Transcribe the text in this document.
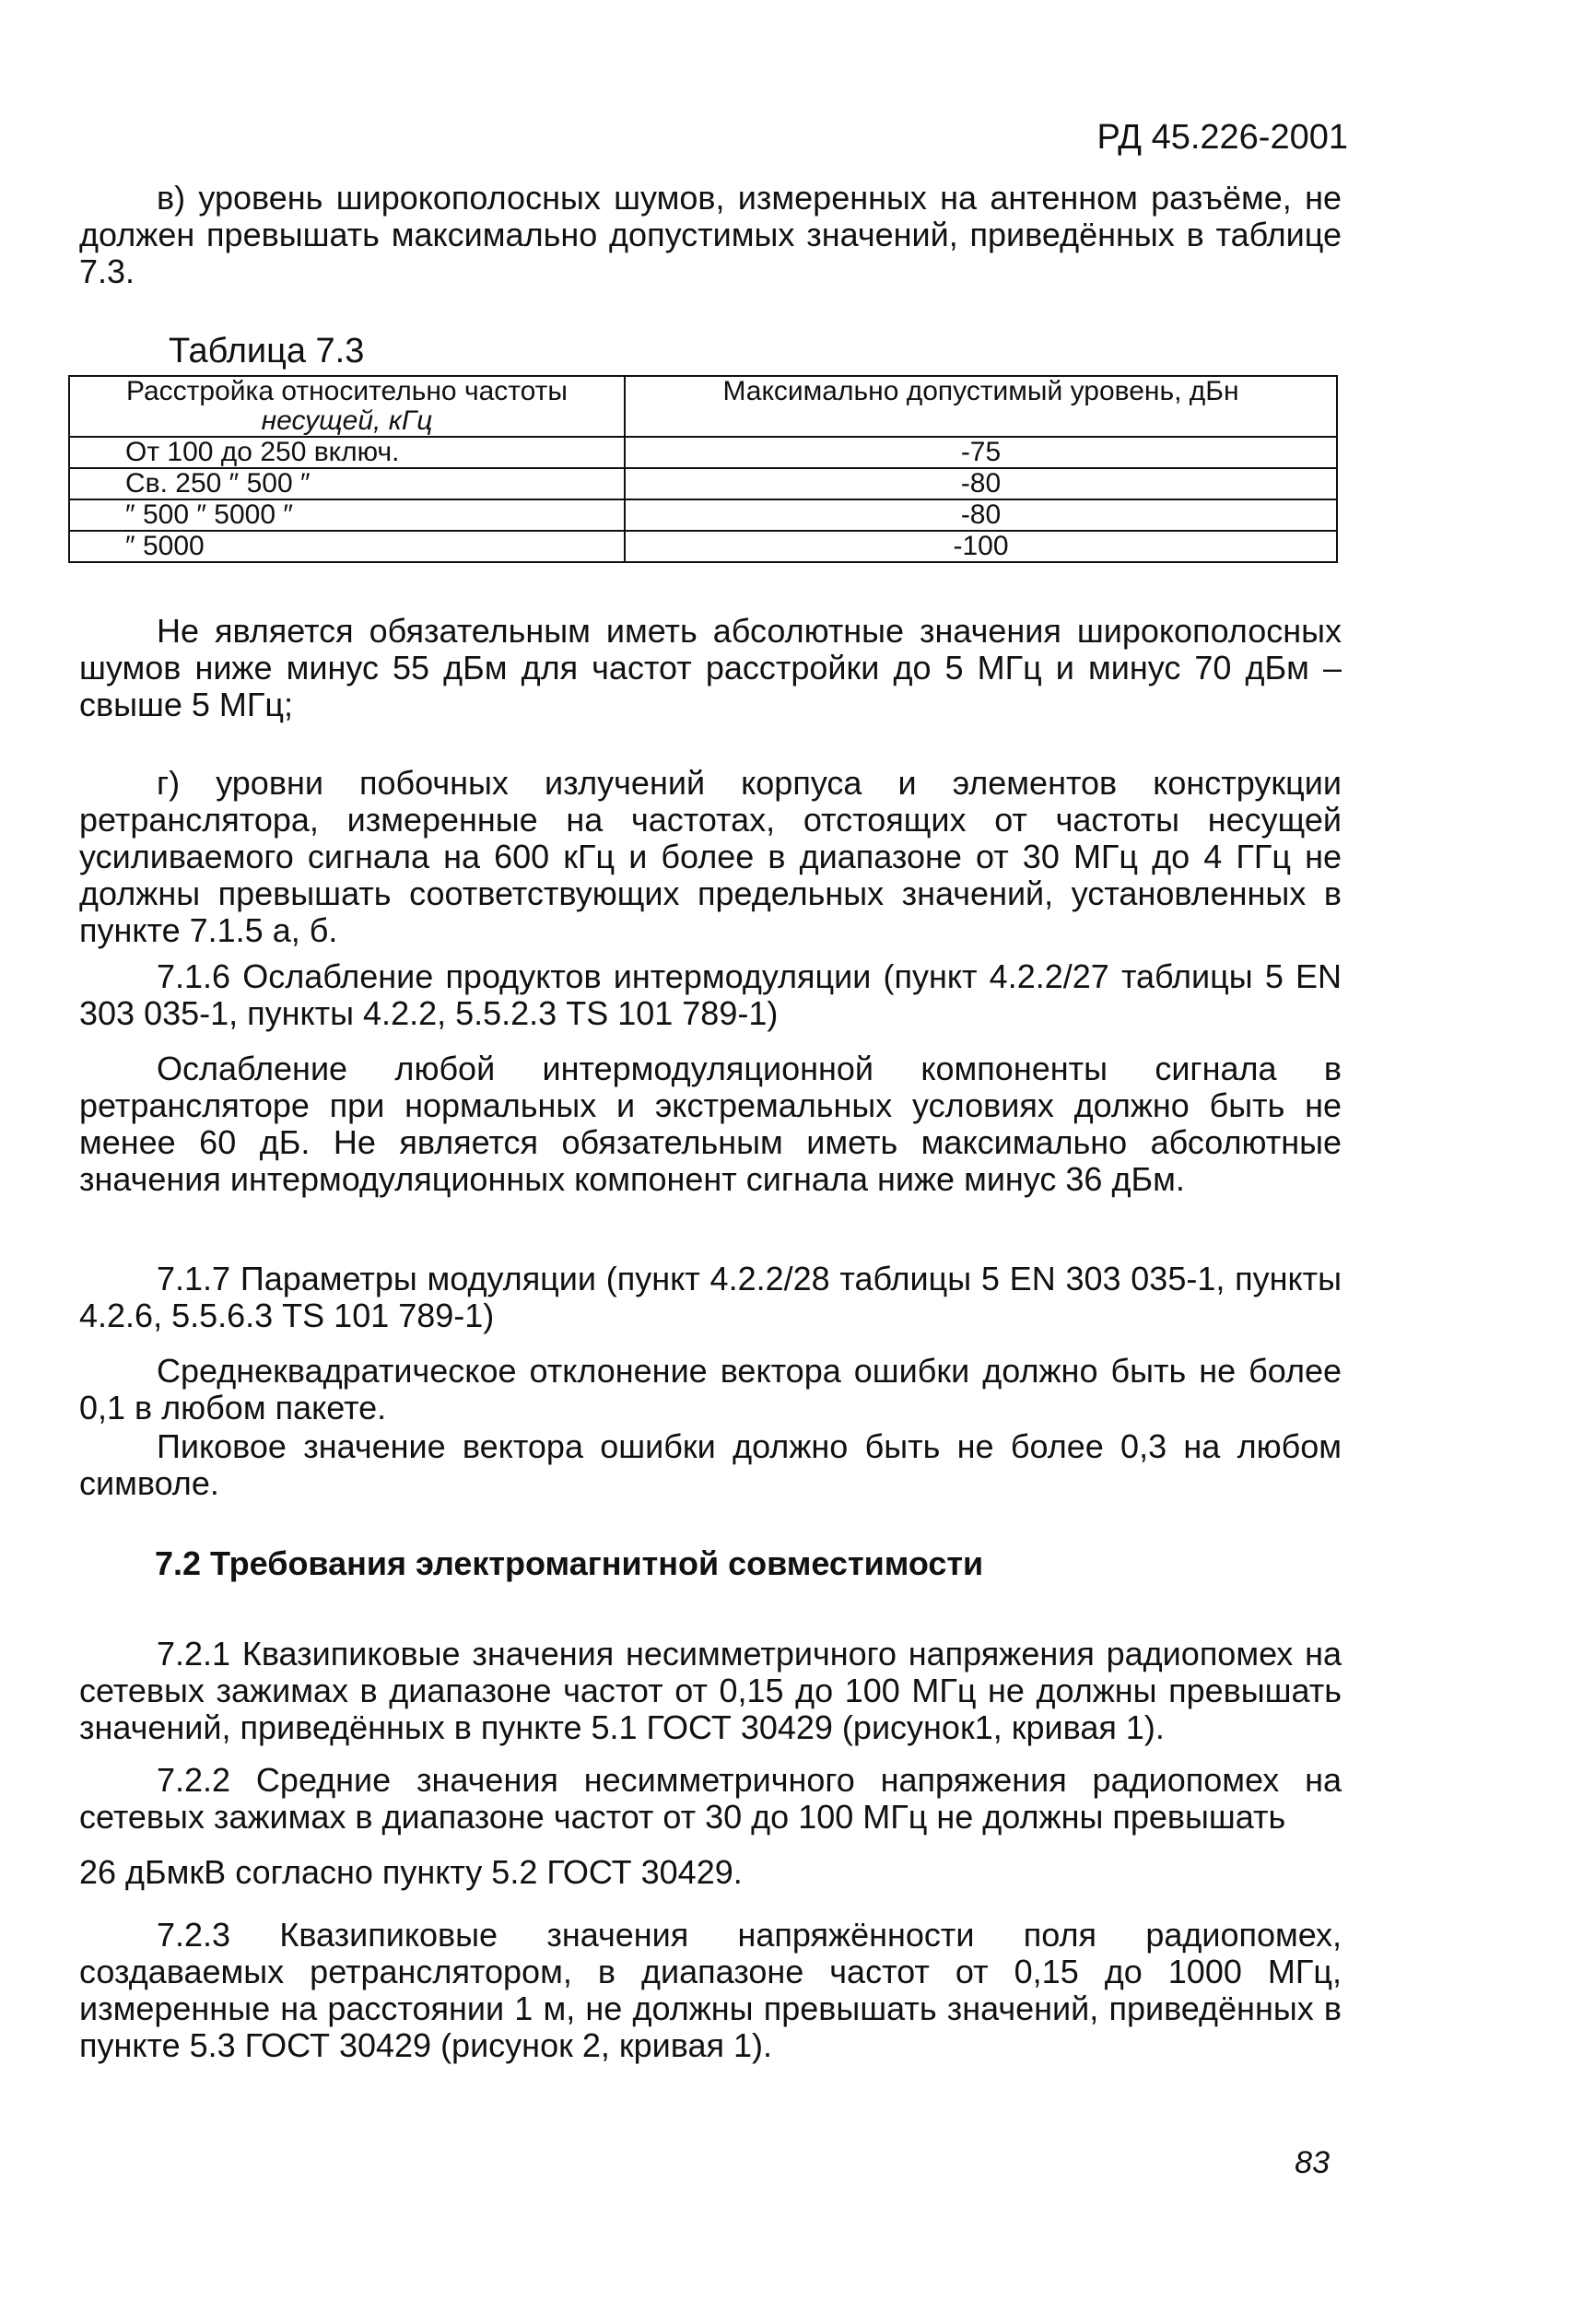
РД 45.226-2001

в) уровень широкополосных шумов, измеренных на антенном разъёме, не должен превышать максимально допустимых значений, приведённых в таблице 7.3.

Таблица 7.3
Расстройка относительно частоты
несущей, кГц	Максимально допустимый уровень, дБн
От 100 до 250 включ.	-75
Св. 250 ″ 500 ″	-80
″ 500 ″ 5000 ″	-80
″ 5000	-100

Не является обязательным иметь абсолютные значения широкополосных шумов ниже минус 55 дБм для частот расстройки до 5 МГц и минус 70 дБм – свыше 5 МГц;

г) уровни побочных излучений корпуса и элементов конструкции ретранслятора, измеренные на частотах, отстоящих от частоты несущей усиливаемого сигнала на 600 кГц и более в диапазоне от 30 МГц до 4 ГГц не должны превышать соответствующих предельных значений, установленных в пункте 7.1.5 а, б.

7.1.6 Ослабление продуктов интермодуляции (пункт 4.2.2/27 таблицы 5 EN 303 035-1, пункты 4.2.2, 5.5.2.3 TS 101 789-1)

Ослабление любой интермодуляционной компоненты сигнала в ретрансляторе при нормальных и экстремальных условиях должно быть не менее 60 дБ. Не является обязательным иметь максимально абсолютные значения интермодуляционных компонент сигнала ниже минус 36 дБм.

7.1.7 Параметры модуляции (пункт 4.2.2/28 таблицы 5 EN 303 035-1, пункты 4.2.6, 5.5.6.3 TS 101 789-1)

Среднеквадратическое отклонение вектора ошибки должно быть не более 0,1 в любом пакете.

Пиковое значение вектора ошибки должно быть не более 0,3 на любом символе.

7.2 Требования электромагнитной совместимости

7.2.1 Квазипиковые значения несимметричного напряжения радиопомех на сетевых зажимах в диапазоне частот от 0,15 до 100 МГц не должны превышать значений, приведённых в пункте 5.1 ГОСТ 30429 (рисунок1, кривая 1).

7.2.2 Средние значения несимметричного напряжения радиопомех на сетевых зажимах в диапазоне частот от 30 до 100 МГц не должны превышать

26 дБмкВ согласно пункту 5.2 ГОСТ 30429.

7.2.3 Квазипиковые значения напряжённости поля радиопомех, создаваемых ретранслятором, в диапазоне частот от 0,15 до 1000 МГц, измеренные на расстоянии 1 м, не должны превышать значений, приведённых в пункте 5.3 ГОСТ 30429 (рисунок 2, кривая 1).

83
